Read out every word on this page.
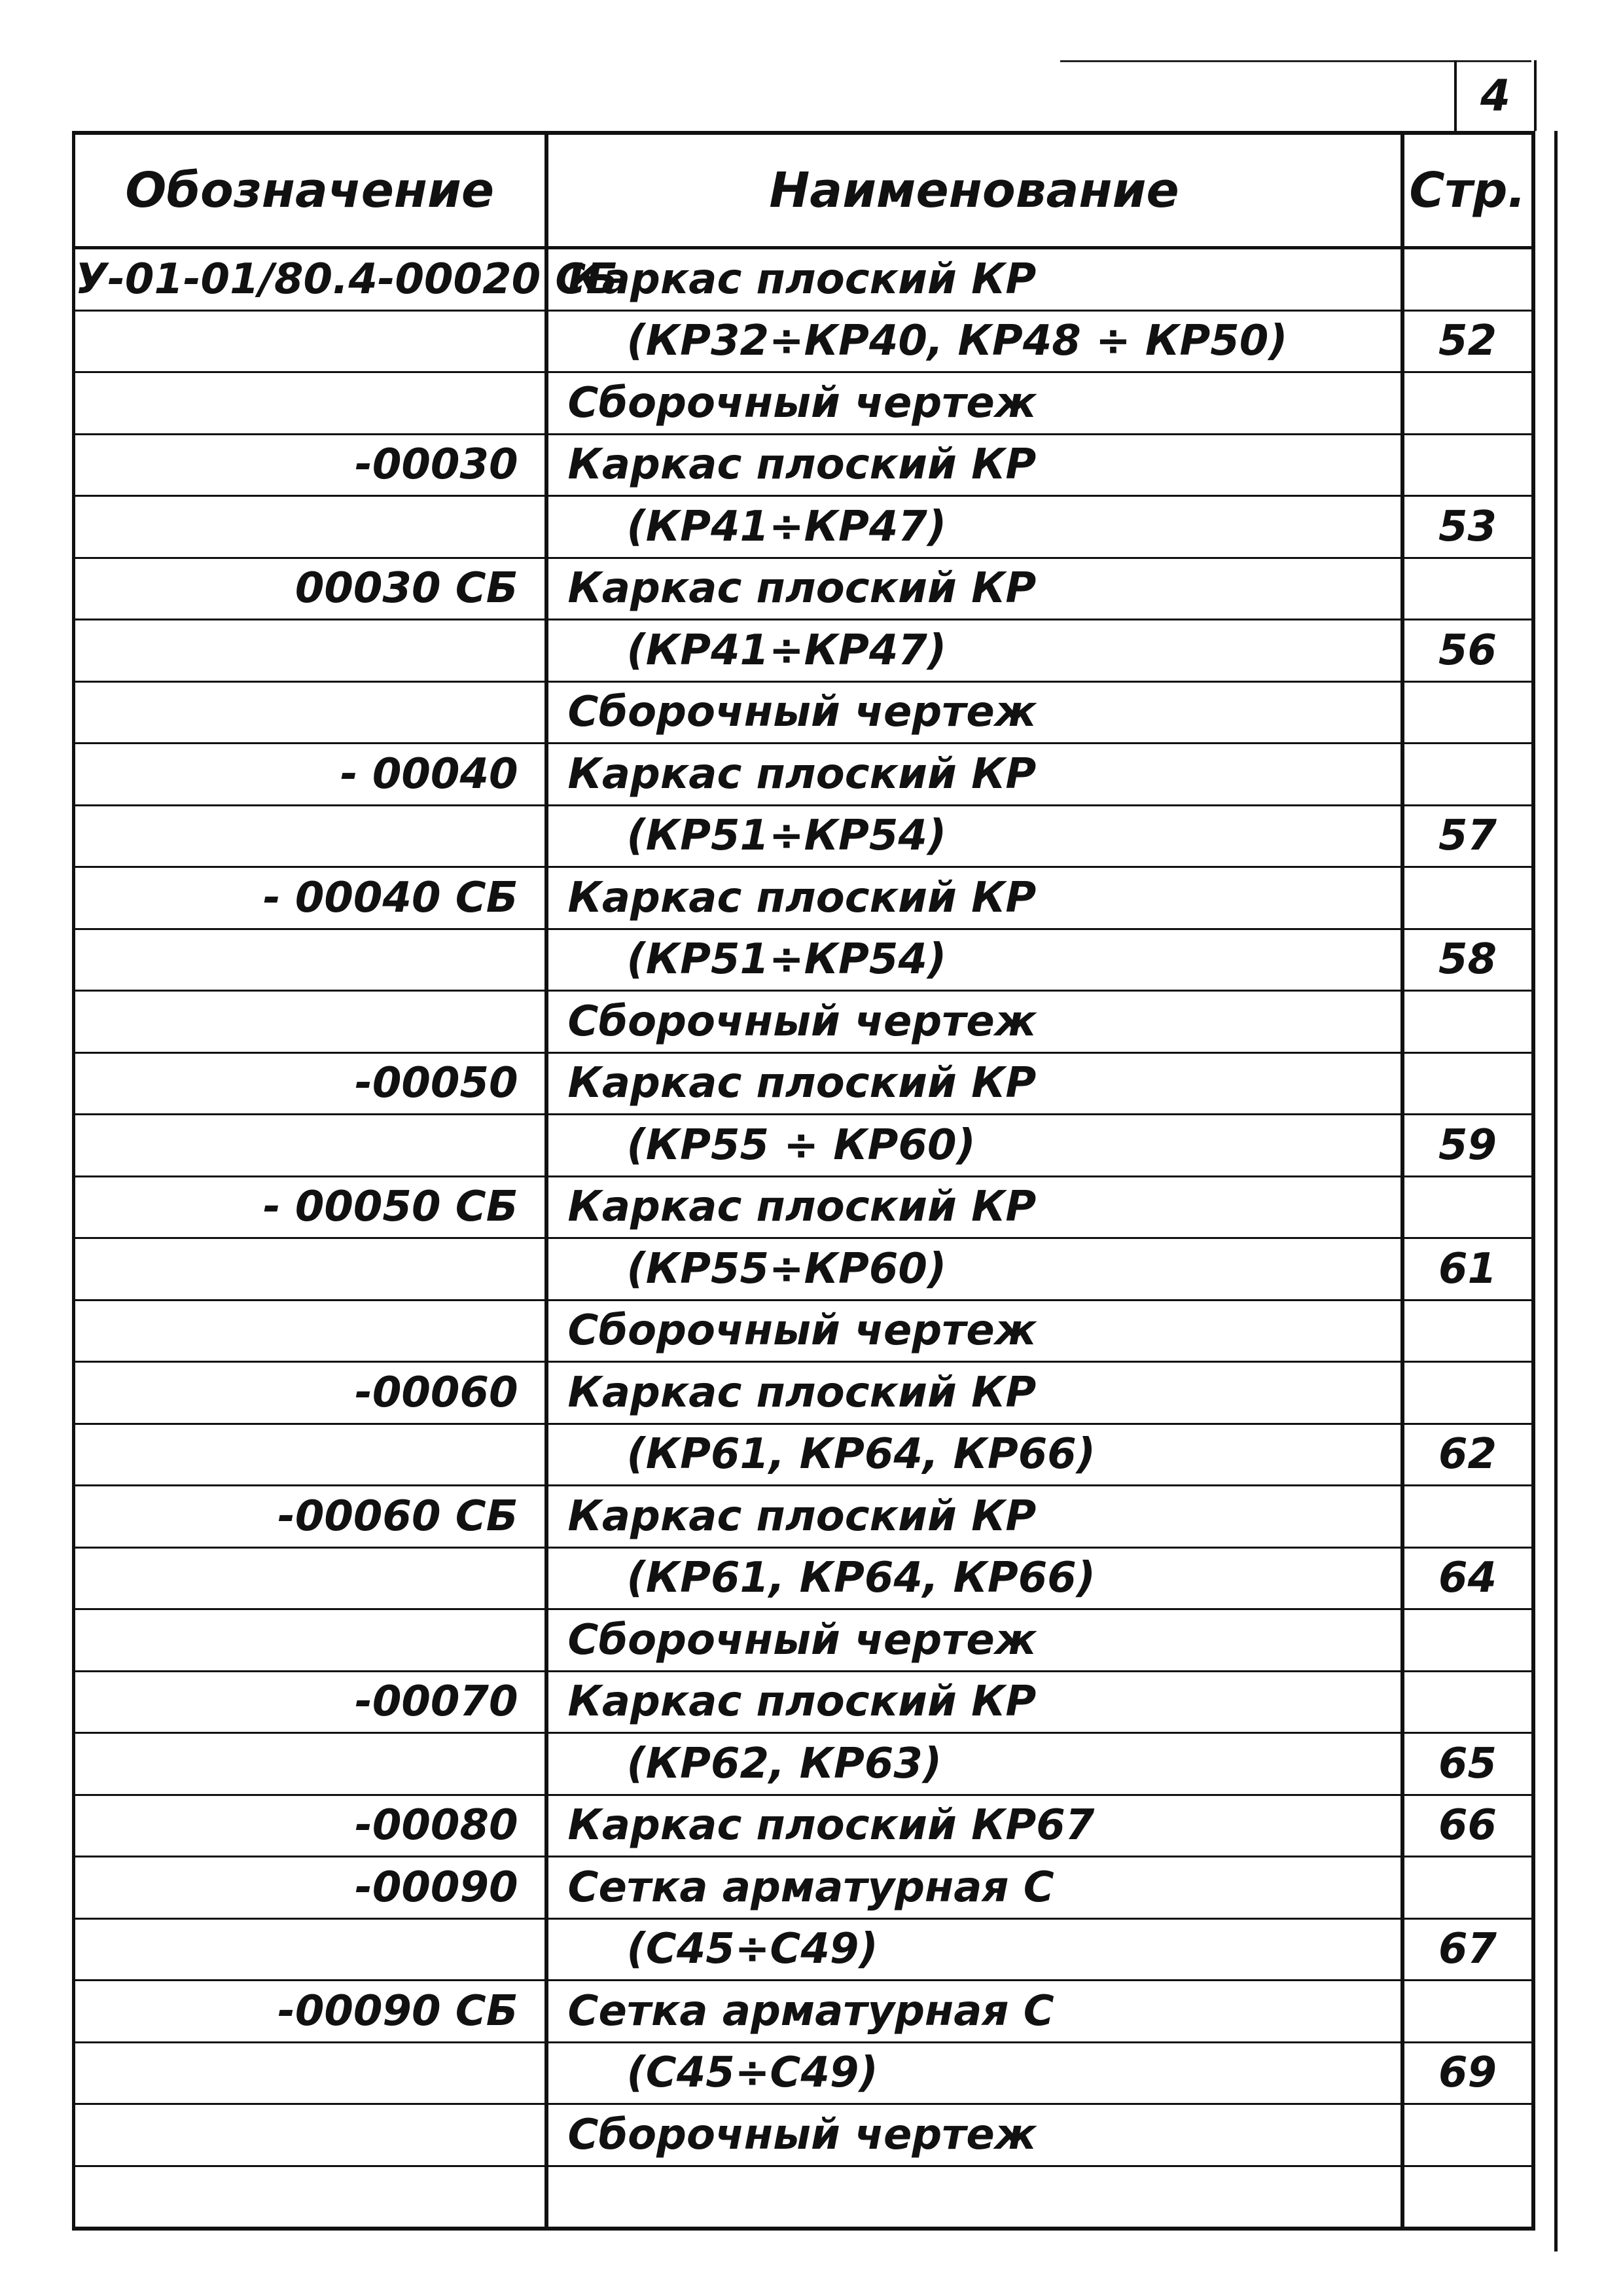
4
Обозначение	Наименование	Стр.
У-01-01/80.4-00020 СБ	Каркас плоский КР	
	(КР32÷КР40, КР48 ÷ КР50)	52
	Сборочный чертеж	
-00030	Каркас плоский КР	
	(КР41÷КР47)	53
00030 СБ	Каркас плоский КР	
	(КР41÷КР47)	56
	Сборочный чертеж	
- 00040	Каркас плоский КР	
	(КР51÷КР54)	57
- 00040 СБ	Каркас плоский КР	
	(КР51÷КР54)	58
	Сборочный чертеж	
-00050	Каркас плоский КР	
	(КР55 ÷ КР60)	59
- 00050 СБ	Каркас плоский КР	
	(КР55÷КР60)	61
	Сборочный чертеж	
-00060	Каркас плоский КР	
	(КР61, КР64, КР66)	62
-00060 СБ	Каркас плоский КР	
	(КР61, КР64, КР66)	64
	Сборочный чертеж	
-00070	Каркас плоский КР	
	(КР62, КР63)	65
-00080	Каркас плоский КР67	66
-00090	Сетка арматурная С	
	(С45÷С49)	67
-00090 СБ	Сетка арматурная С	
	(С45÷С49)	69
	Сборочный чертеж	
